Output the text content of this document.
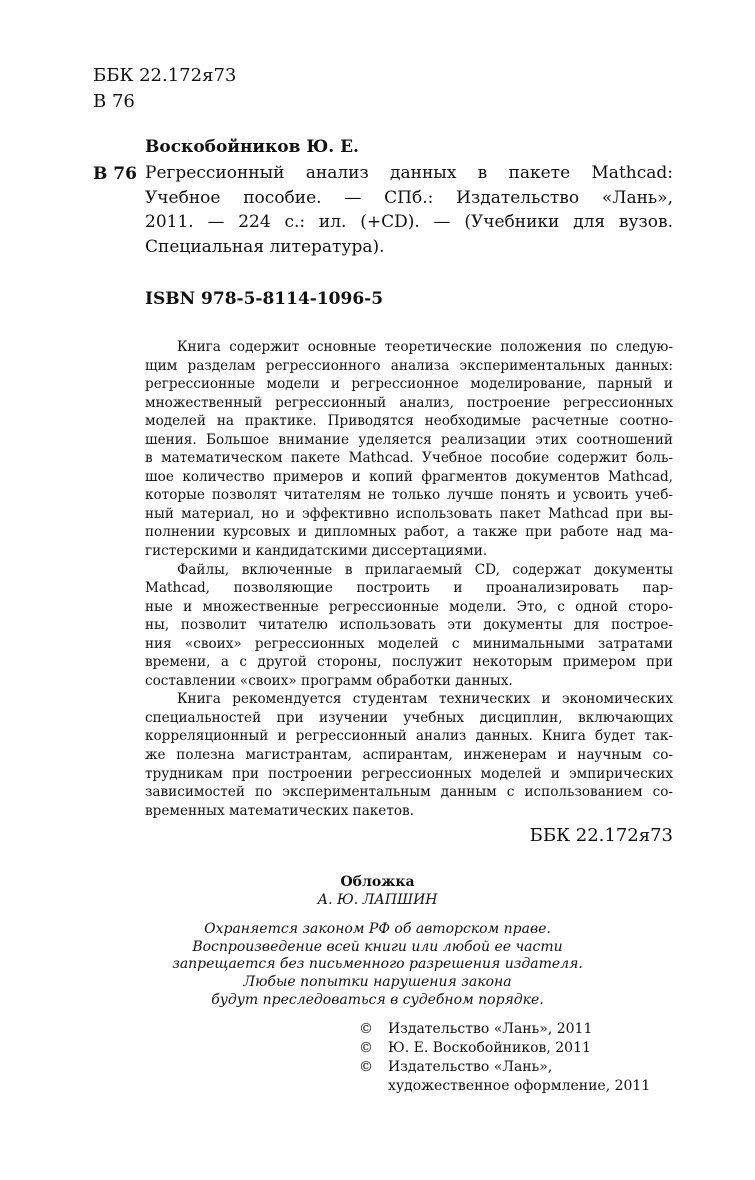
ББК 22.172я73
В 76
Воскобойников Ю. Е.
В 76 Регрессионный анализ данных в пакете Mathcad:
Учебное пособие. — СПб.: Издательство «Лань»,
2011. — 224 с.: ил. (+CD). — (Учебники для вузов.
Специальная литература).
ISBN 978-5-8114-1096-5
Книга содержит основные теоретические положения по следую-
щим разделам регрессионного анализа экспериментальных данных:
регрессионные модели и регрессионное моделирование, парный и
множественный регрессионный анализ, построение регрессионных
моделей на практике. Приводятся необходимые расчетные соотно-
шения. Большое внимание уделяется реализации этих соотношений
в математическом пакете Mathcad. Учебное пособие содержит боль-
шое количество примеров и копий фрагментов документов Mathcad,
которые позволят читателям не только лучше понять и усвоить учеб-
ный материал, но и эффективно использовать пакет Mathcad при вы-
полнении курсовых и дипломных работ, а также при работе над ма-
гистерскими и кандидатскими диссертациями.
Файлы, включенные в прилагаемый CD, содержат документы
Mathcad, позволяющие построить и проанализировать пар-
ные и множественные регрессионные модели. Это, с одной сторо-
ны, позволит читателю использовать эти документы для построе-
ния «своих» регрессионных моделей с минимальными затратами
времени, а с другой стороны, послужит некоторым примером при
составлении «своих» программ обработки данных.
Книга рекомендуется студентам технических и экономических
специальностей при изучении учебных дисциплин, включающих
корреляционный и регрессионный анализ данных. Книга будет так-
же полезна магистрантам, аспирантам, инженерам и научным со-
трудникам при построении регрессионных моделей и эмпирических
зависимостей по экспериментальным данным с использованием со-
временных математических пакетов.
ББК 22.172я73
Обложка
А. Ю. ЛАПШИН
Охраняется законом РФ об авторском праве.
Воспроизведение всей книги или любой ее части
запрещается без письменного разрешения издателя.
Любые попытки нарушения закона
будут преследоваться в судебном порядке.
©	Издательство «Лань», 2011
©	Ю. Е. Воскобойников, 2011
©	Издательство «Лань»,
художественное оформление, 2011
